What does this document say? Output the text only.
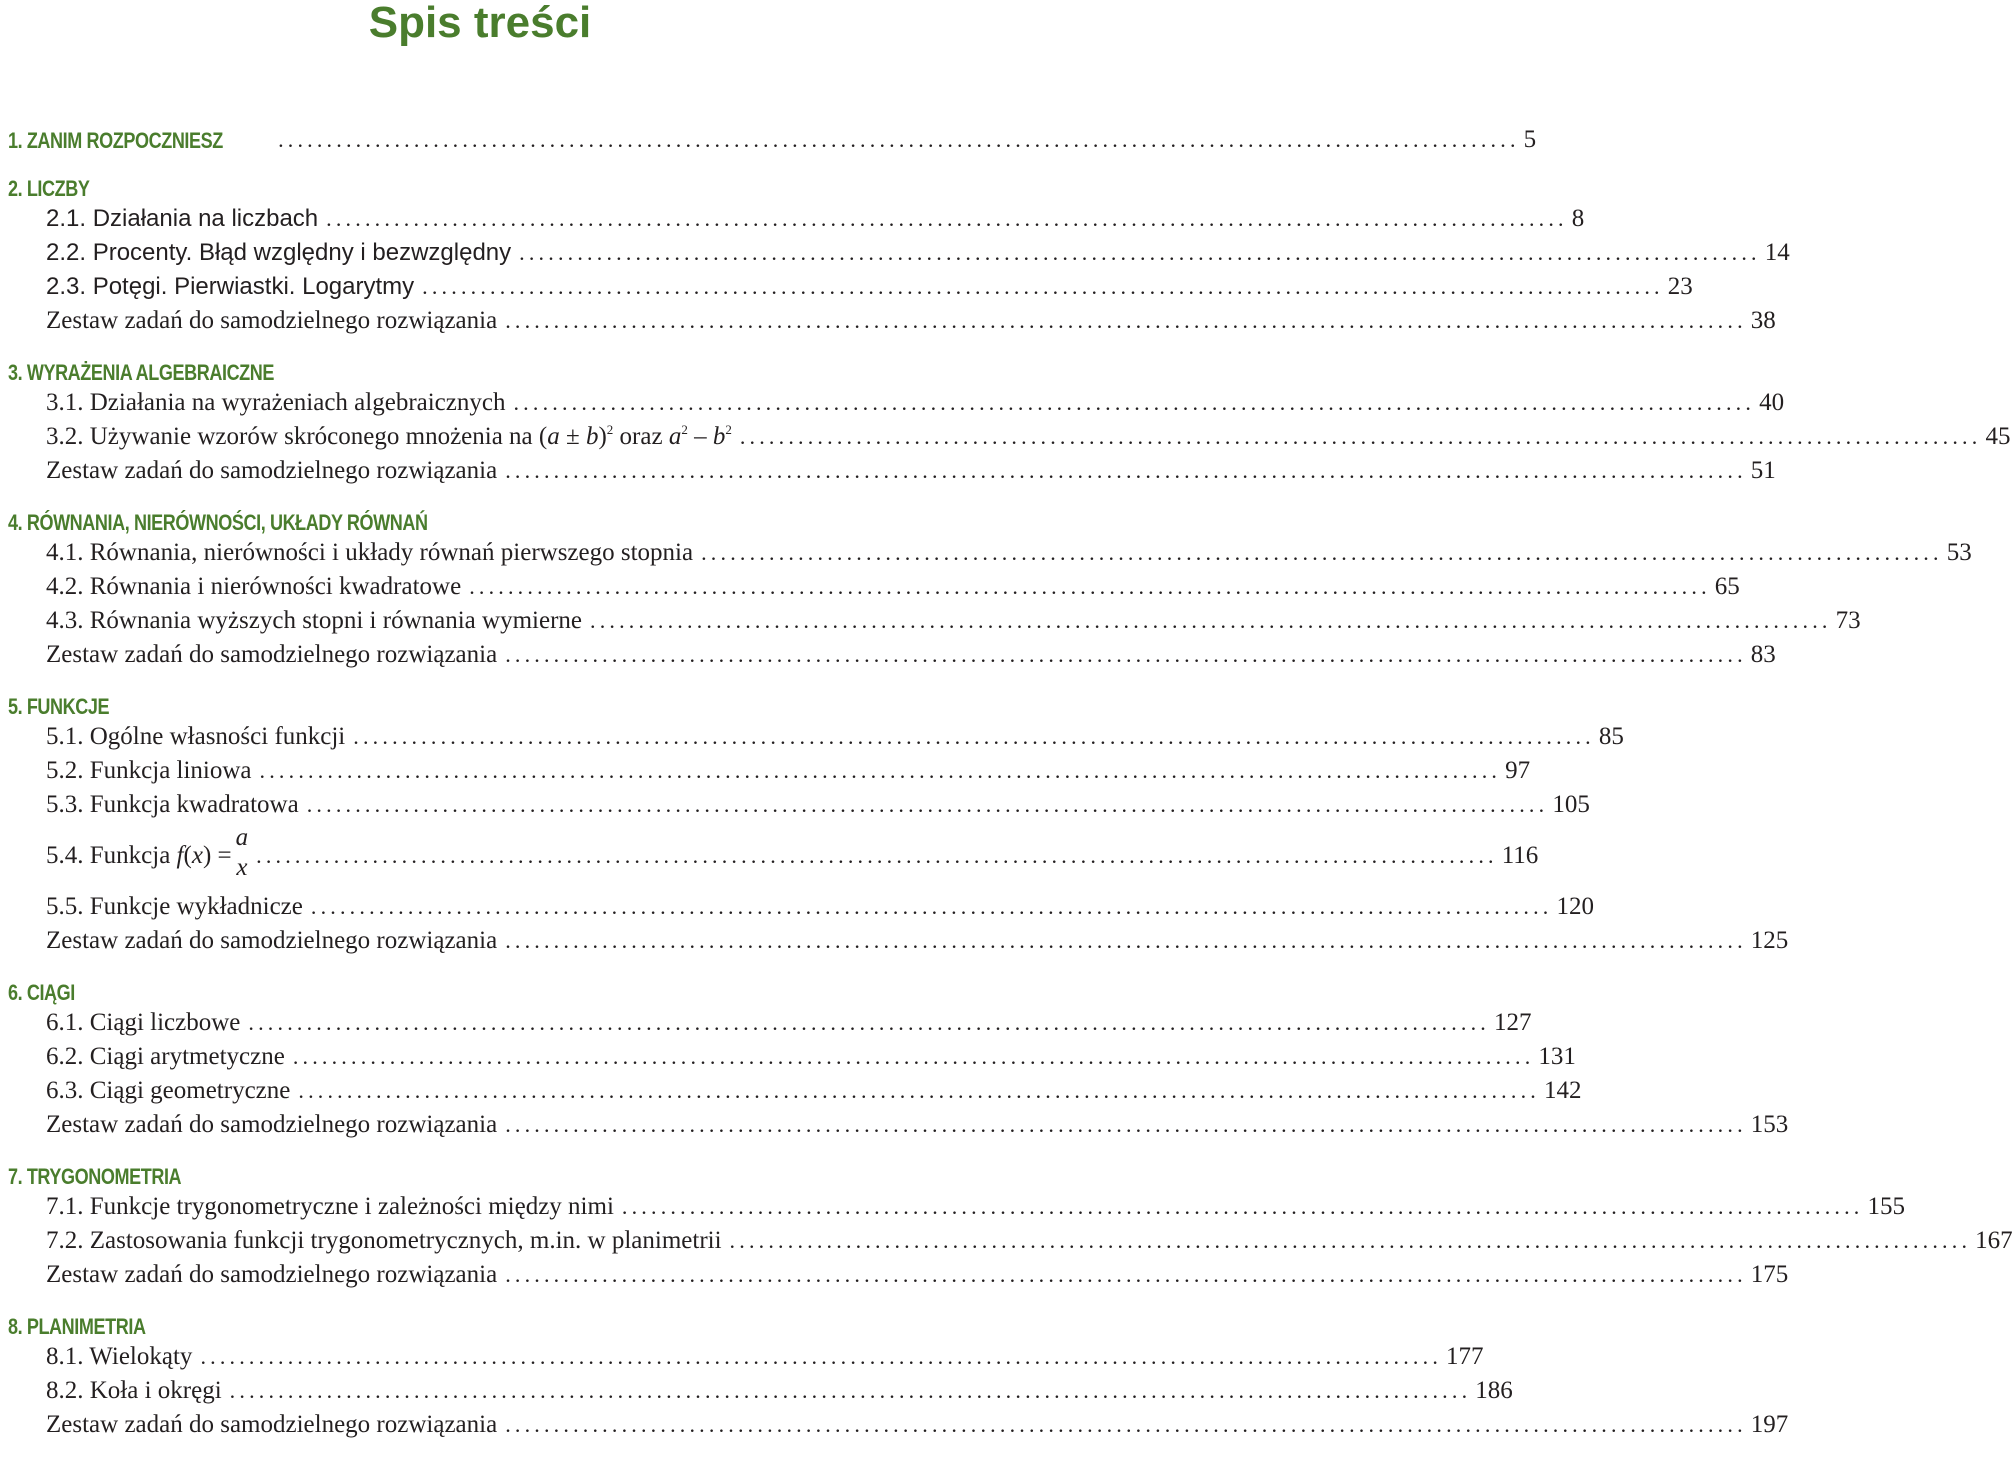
Spis treści
1. ZANIM ROZPOCZNIESZ	................................................................................................................................ 5
2. LICZBY
2.1. Działania na liczbach ................................................................................................................................ 8
2.2. Procenty. Błąd względny i bezwzględny ................................................................................................................................ 14
2.3. Potęgi. Pierwiastki. Logarytmy ................................................................................................................................ 23
Zestaw zadań do samodzielnego rozwiązania ................................................................................................................................ 38
3. WYRAŻENIA ALGEBRAICZNE
3.1. Działania na wyrażeniach algebraicznych ................................................................................................................................ 40
3.2. Używanie wzorów skróconego mnożenia na $(a \pm b)^2$ oraz $a^2 - b^2$ ................................................................................................................................ 45
Zestaw zadań do samodzielnego rozwiązania ................................................................................................................................ 51
4. RÓWNANIA, NIERÓWNOŚCI, UKŁADY RÓWNAŃ
4.1. Równania, nierówności i układy równań pierwszego stopnia ................................................................................................................................ 53
4.2. Równania i nierówności kwadratowe ................................................................................................................................ 65
4.3. Równania wyższych stopni i równania wymierne ................................................................................................................................ 73
Zestaw zadań do samodzielnego rozwiązania ................................................................................................................................ 83
5. FUNKCJE
5.1. Ogólne własności funkcji ................................................................................................................................ 85
5.2. Funkcja liniowa ................................................................................................................................ 97
5.3. Funkcja kwadratowa ................................................................................................................................ 105
5.4. Funkcja f(x) =
a
x ................................................................................................................................ 116
5.5. Funkcje wykładnicze ................................................................................................................................ 120
Zestaw zadań do samodzielnego rozwiązania ................................................................................................................................ 125
6. CIĄGI
6.1. Ciągi liczbowe ................................................................................................................................ 127
6.2. Ciągi arytmetyczne ................................................................................................................................ 131
6.3. Ciągi geometryczne ................................................................................................................................ 142
Zestaw zadań do samodzielnego rozwiązania ................................................................................................................................ 153
7. TRYGONOMETRIA
7.1. Funkcje trygonometryczne i zależności między nimi ................................................................................................................................ 155
7.2. Zastosowania funkcji trygonometrycznych, m.in. w planimetrii ................................................................................................................................ 167
Zestaw zadań do samodzielnego rozwiązania ................................................................................................................................ 175
8. PLANIMETRIA
8.1. Wielokąty ................................................................................................................................ 177
8.2. Koła i okręgi ................................................................................................................................ 186
Zestaw zadań do samodzielnego rozwiązania ................................................................................................................................ 197
